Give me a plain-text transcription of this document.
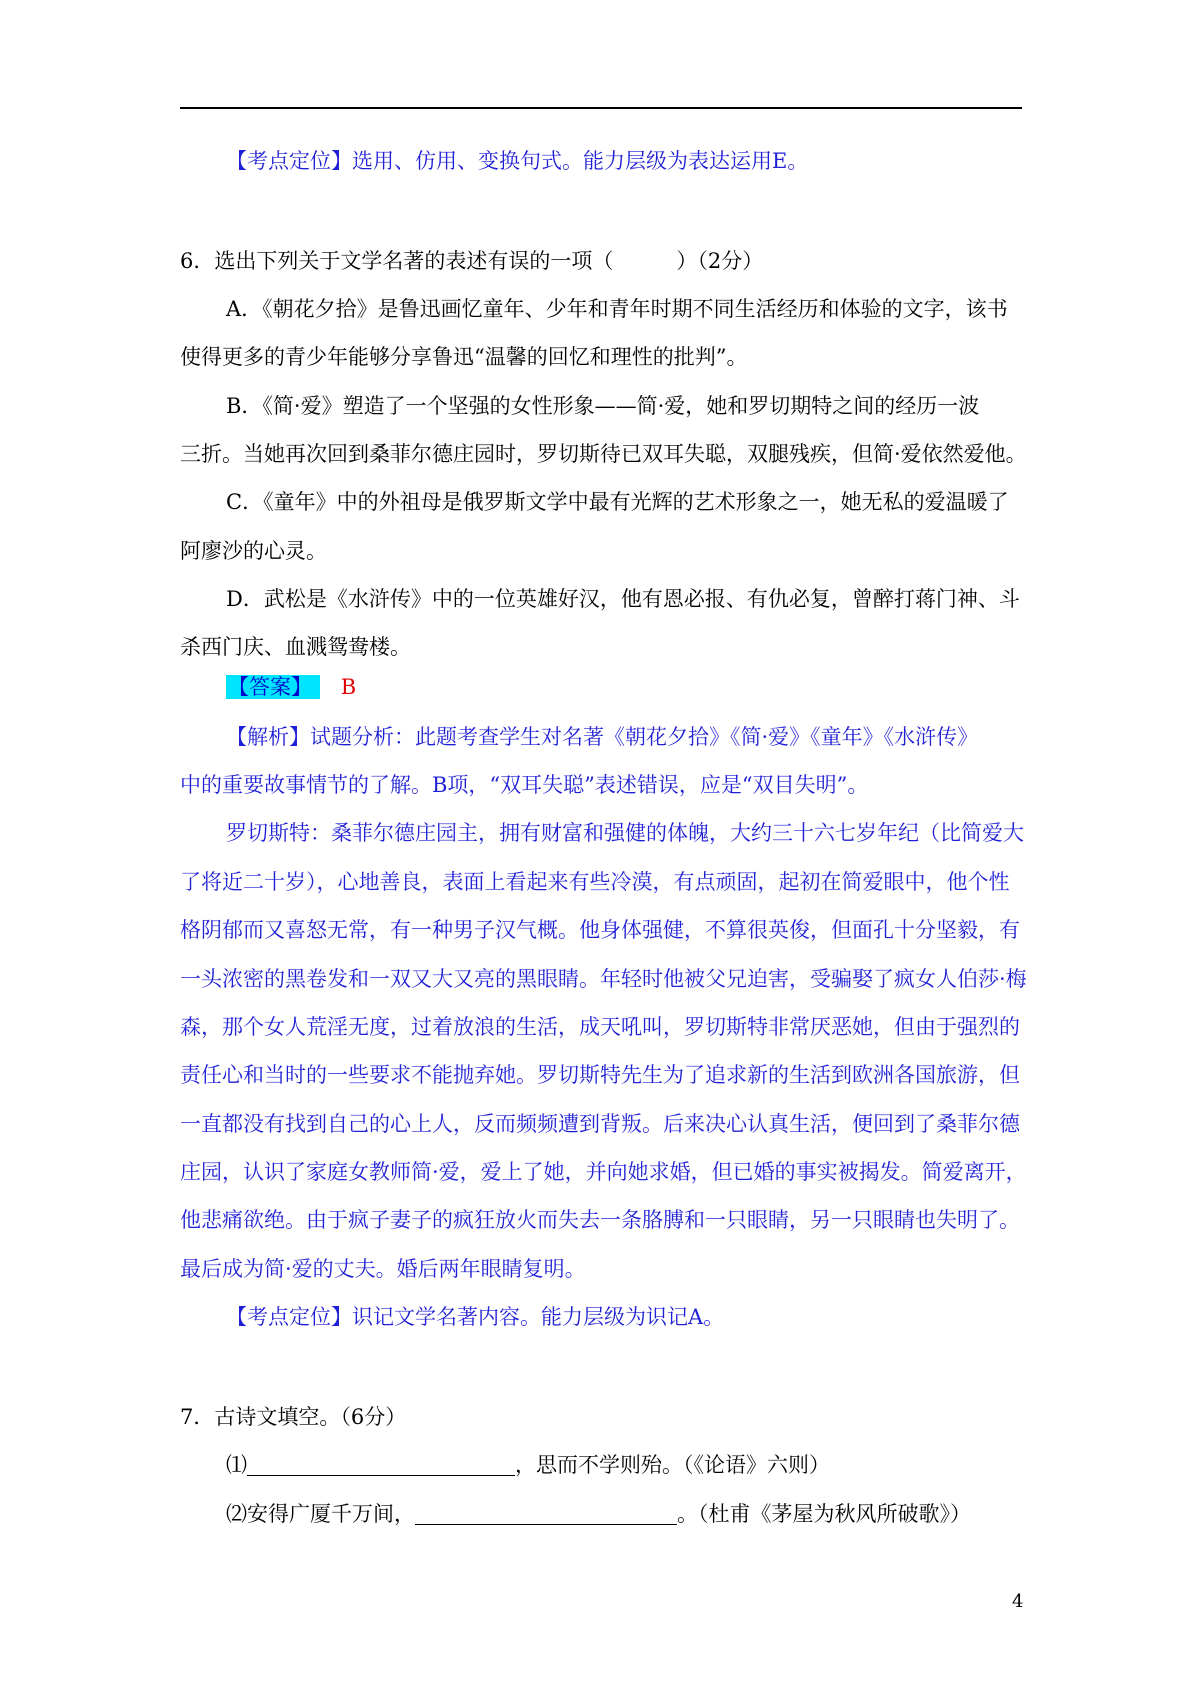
【考点定位】选用、仿用、变换句式。能力层级为表达运用E。
6．选出下列关于文学名著的表述有误的一项（　　　）（2分）
A．《朝花夕拾》是鲁迅画忆童年、少年和青年时期不同生活经历和体验的文字，该书
使得更多的青少年能够分享鲁迅“温馨的回忆和理性的批判”。
B．《简·爱》塑造了一个坚强的女性形象——简·爱，她和罗切期特之间的经历一波
三折。当她再次回到桑菲尔德庄园时，罗切斯待已双耳失聪，双腿残疾，但简·爱依然爱他。
C．《童年》中的外祖母是俄罗斯文学中最有光辉的艺术形象之一，她无私的爱温暖了
阿廖沙的心灵。
D．武松是《水浒传》中的一位英雄好汉，他有恩必报、有仇必复，曾醉打蒋门神、斗
杀西门庆、血溅鸳鸯楼。
【答案】 B
【解析】试题分析：此题考查学生对名著《朝花夕拾》《简·爱》《童年》《水浒传》
中的重要故事情节的了解。B项，“双耳失聪”表述错误，应是“双目失明”。
罗切斯特：桑菲尔德庄园主，拥有财富和强健的体魄，大约三十六七岁年纪（比简爱大
了将近二十岁），心地善良，表面上看起来有些冷漠，有点顽固，起初在简爱眼中，他个性
格阴郁而又喜怒无常，有一种男子汉气概。他身体强健，不算很英俊，但面孔十分坚毅，有
一头浓密的黑卷发和一双又大又亮的黑眼睛。年轻时他被父兄迫害，受骗娶了疯女人伯莎·梅
森，那个女人荒淫无度，过着放浪的生活，成天吼叫，罗切斯特非常厌恶她，但由于强烈的
责任心和当时的一些要求不能抛弃她。罗切斯特先生为了追求新的生活到欧洲各国旅游，但
一直都没有找到自己的心上人，反而频频遭到背叛。后来决心认真生活，便回到了桑菲尔德
庄园，认识了家庭女教师简·爱，爱上了她，并向她求婚，但已婚的事实被揭发。简爱离开，
他悲痛欲绝。由于疯子妻子的疯狂放火而失去一条胳膊和一只眼睛，另一只眼睛也失明了。
最后成为简·爱的丈夫。婚后两年眼睛复明。
【考点定位】识记文学名著内容。能力层级为识记A。
7．古诗文填空。（6分）
⑴	，思而不学则殆。（《论语》六则）
⑵安得广厦千万间，	。（杜甫《茅屋为秋风所破歌》）
4
